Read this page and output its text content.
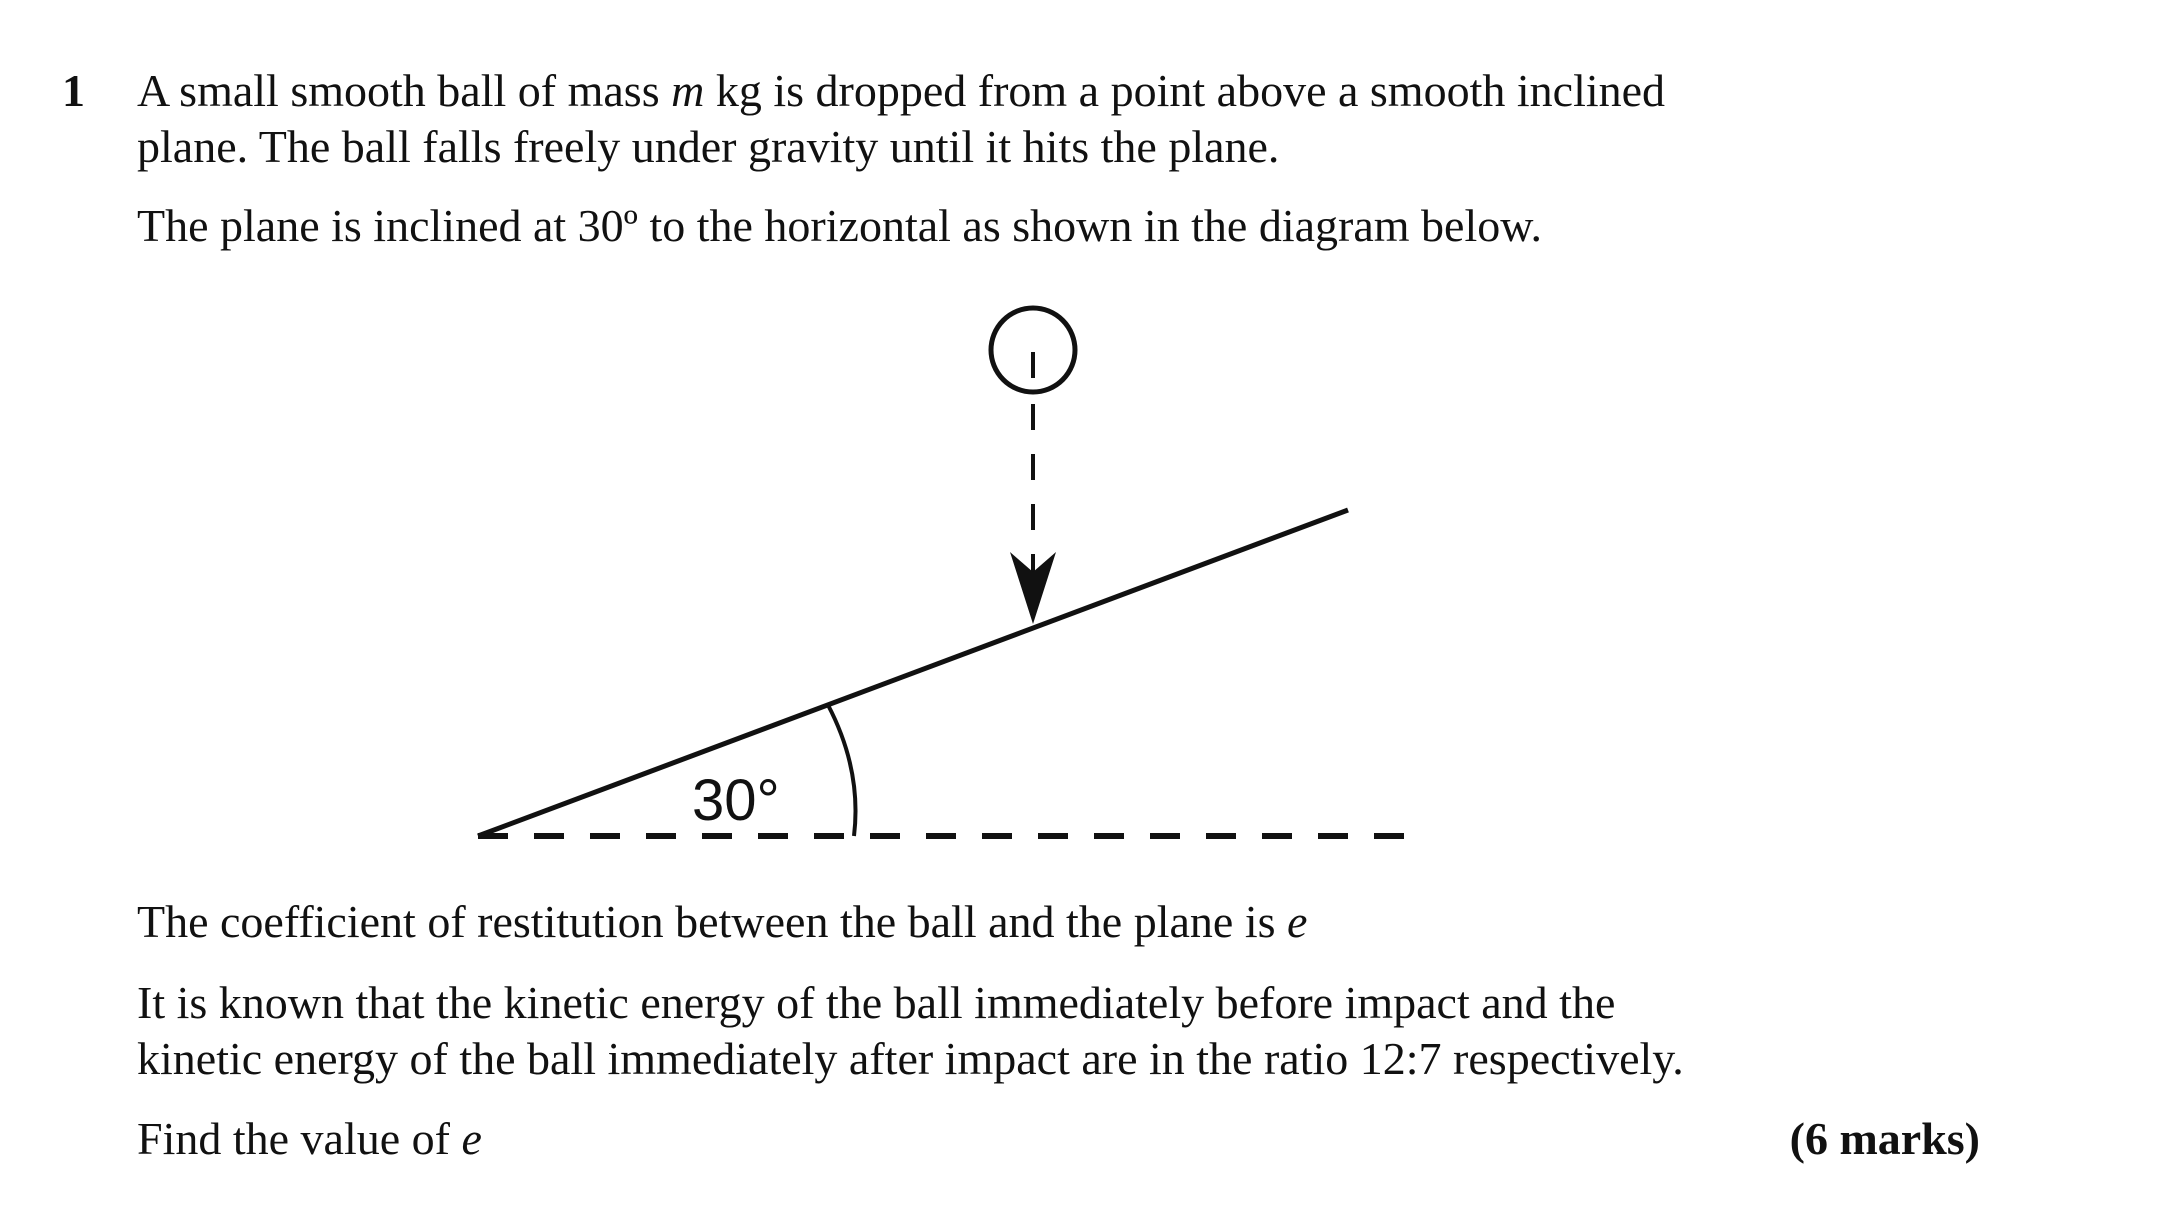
1 A small smooth ball of mass m kg is dropped from a point above a smooth inclined
plane. The ball falls freely under gravity until it hits the plane.
The plane is inclined at 30º to the horizontal as shown in the diagram below.
30°
The coefficient of restitution between the ball and the plane is e
It is known that the kinetic energy of the ball immediately before impact and the
kinetic energy of the ball immediately after impact are in the ratio 12:7 respectively.
Find the value of e	(6 marks)
